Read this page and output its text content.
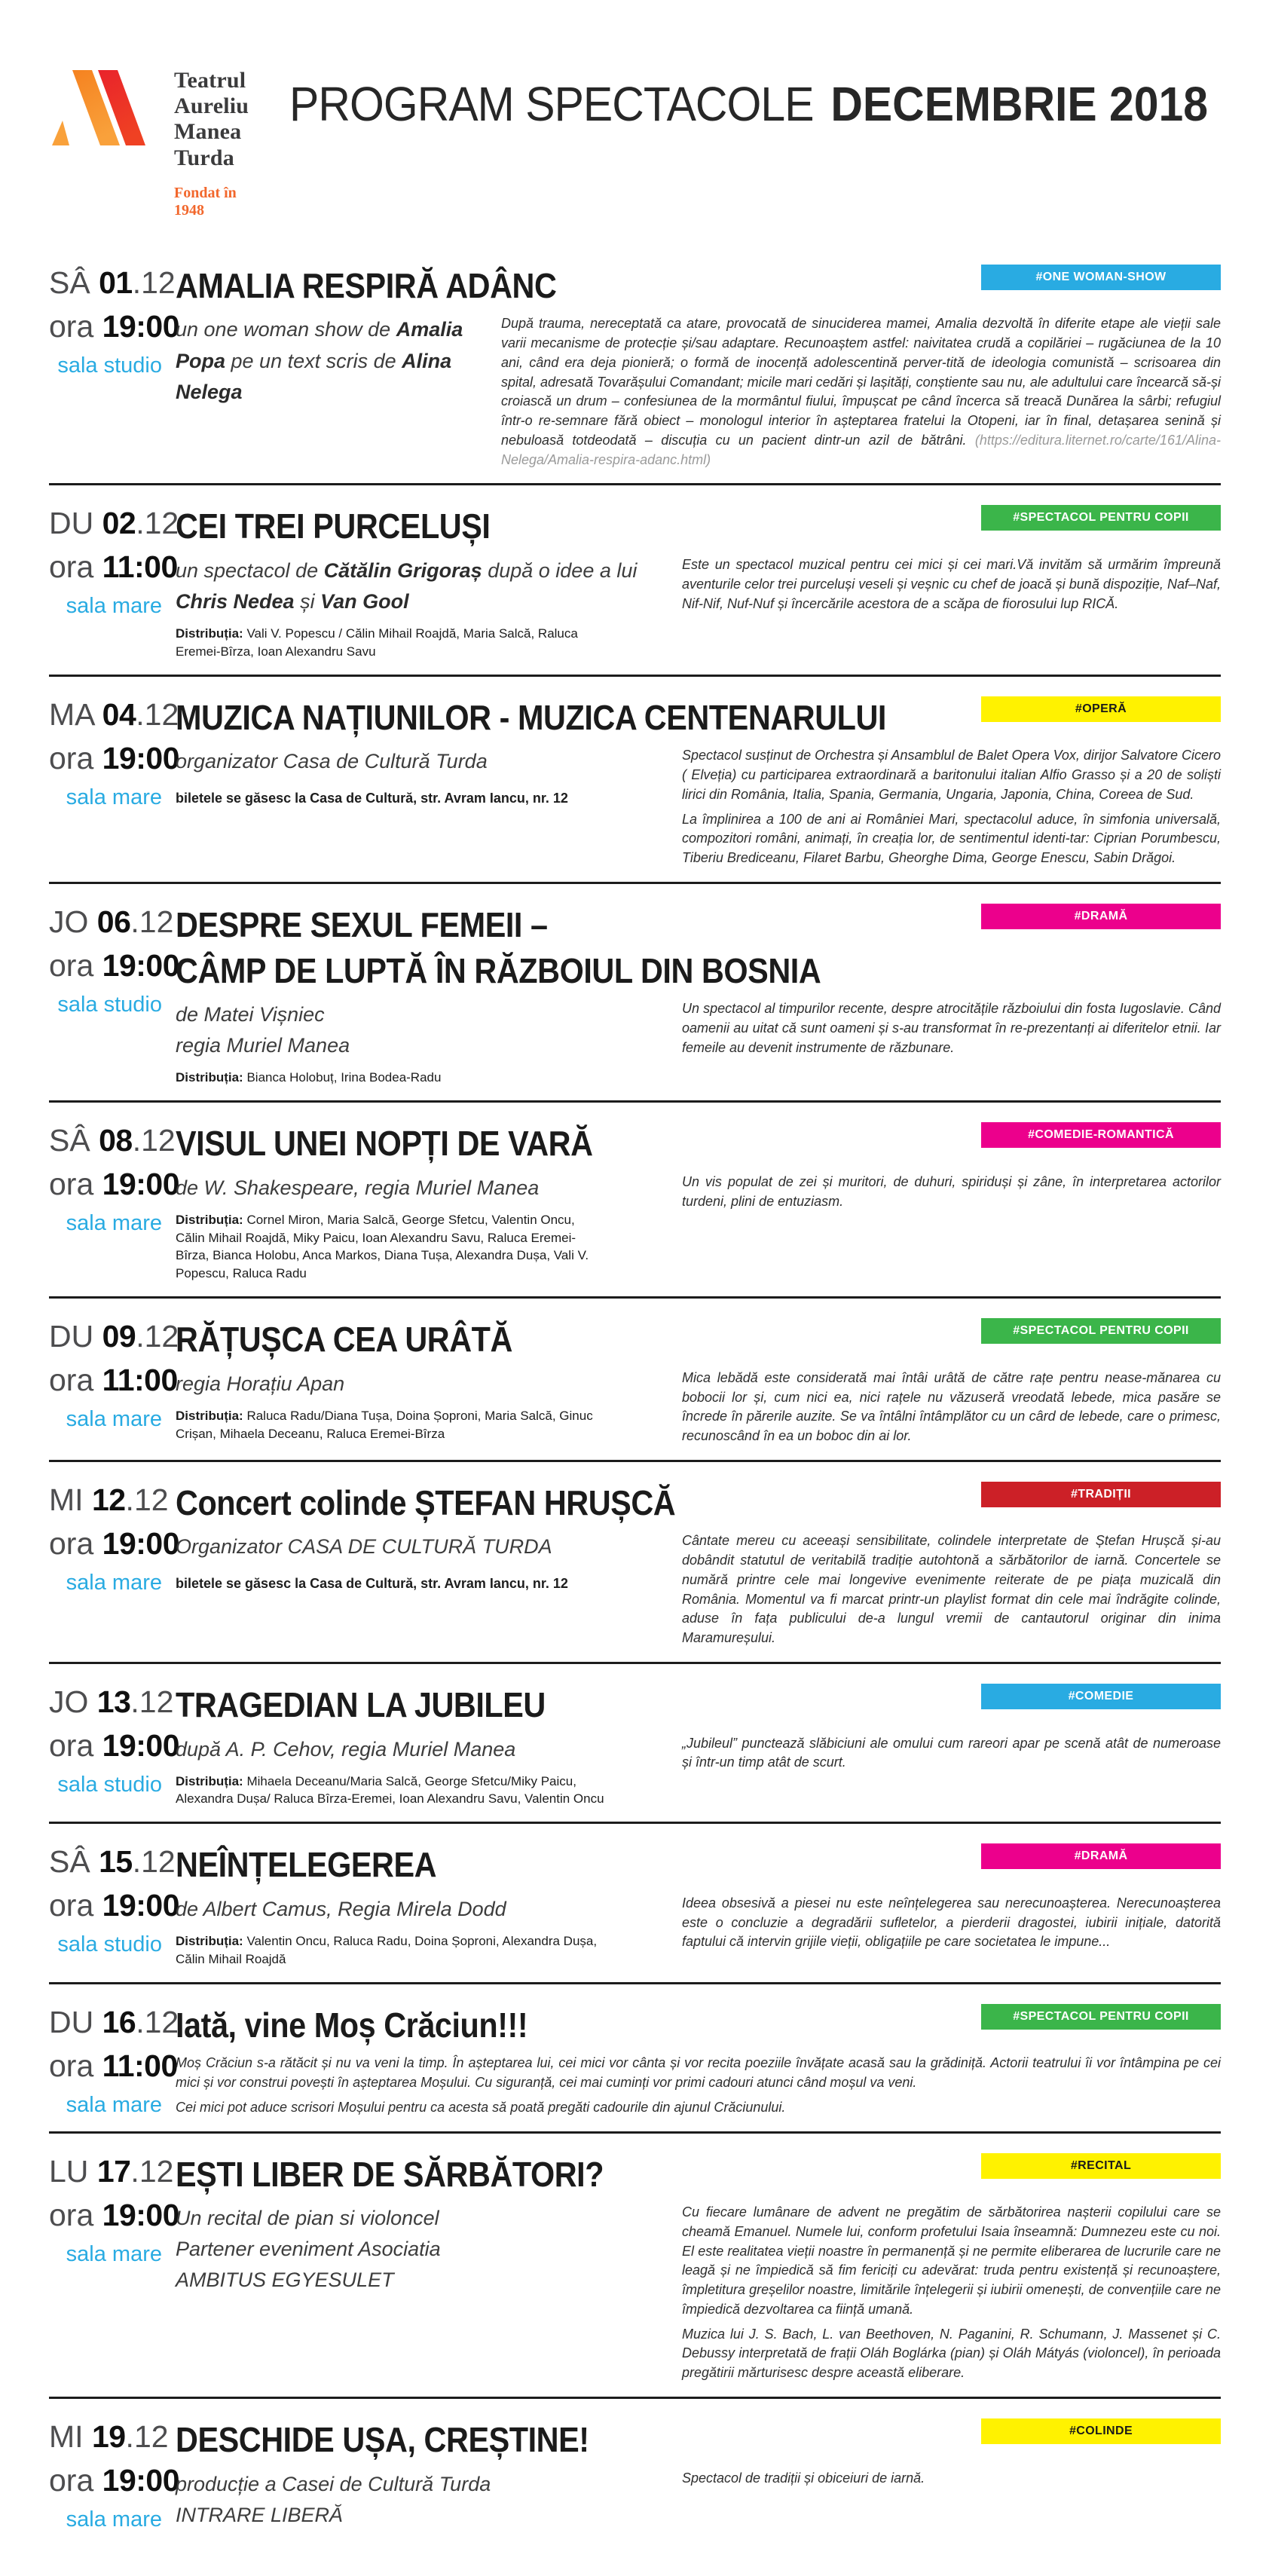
Teatrul Aureliu
Manea Turda
Fondat în 1948
PROGRAM SPECTACOLE DECEMBRIE 2018
SÂ 01.12
ora 19:00
sala studio
AMALIA RESPIRĂ ADÂNC	#ONE WOMAN-SHOW
un one woman show de Amalia Popa pe un text scris de Alina Nelega

După trauma, nereceptată ca atare, provocată de sinuciderea mamei, Amalia dezvoltă în diferite etape ale vieții sale varii mecanisme de protecție și/sau adaptare. Recunoaștem astfel: naivitatea crudă a copilăriei – rugăciunea de la 10 ani, când era deja pionieră; o formă de inocență adolescentină perver-tită de ideologia comunistă – scrisoarea din spital, adresată Tovarășului Comandant; micile mari cedări și lașități, conștiente sau nu, ale adultului care încearcă să-și croiască un drum – confesiunea de la mormântul fiului, împușcat pe când încerca să treacă Dunărea la sârbi; refugiul într-o re-semnare fără obiect – monologul interior în așteptarea fratelui la Otopeni, iar în final, detașarea senină și nebuloasă totdeodată – discuția cu un pacient dintr-un azil de bătrâni. (https://editura.liternet.ro/carte/161/Alina-Nelega/Amalia-respira-adanc.html)

DU 02.12
ora 11:00
sala mare
CEI TREI PURCELUȘI	#SPECTACOL PENTRU COPII
un spectacol de Cătălin Grigoraș după o idee a lui Chris Nedea și Van Gool
Distribuția: Vali V. Popescu / Călin Mihail Roajdă, Maria Salcă, Raluca Eremei-Bîrza, Ioan Alexandru Savu

Este un spectacol muzical pentru cei mici și cei mari.Vă invităm să urmărim împreună aventurile celor trei purceluși veseli și veșnic cu chef de joacă și bună dispoziție, Naf–Naf, Nif-Nif, Nuf-Nuf și încercările acestora de a scăpa de fiorosului lup RICĂ.

MA 04.12
ora 19:00
sala mare
MUZICA NAȚIUNILOR - MUZICA CENTENARULUI	#OPERĂ
organizator Casa de Cultură Turda
biletele se găsesc la Casa de Cultură, str. Avram Iancu, nr. 12

Spectacol susținut de Orchestra și Ansamblul de Balet Opera Vox, dirijor Salvatore Cicero ( Elveția) cu participarea extraordinară a baritonului italian Alfio Grasso și a 20 de soliști lirici din România, Italia, Spania, Germania, Ungaria, Japonia, China, Coreea de Sud.

La împlinirea a 100 de ani ai României Mari, spectacolul aduce, în simfonia universală, compozitori români, animați, în creația lor, de sentimentul identi-tar: Ciprian Porumbescu, Tiberiu Brediceanu, Filaret Barbu, Gheorghe Dima, George Enescu, Sabin Drăgoi.

JO 06.12
ora 19:00
sala studio
DESPRE SEXUL FEMEII –
CÂMP DE LUPTĂ ÎN RĂZBOIUL DIN BOSNIA
#DRAMĂ
de Matei Vișniec
regia Muriel Manea
Distribuția: Bianca Holobuț, Irina Bodea-Radu

Un spectacol al timpurilor recente, despre atrocitățile războiului din fosta Iugoslavie. Când oamenii au uitat că sunt oameni și s-au transformat în re-prezentanți ai diferitelor etnii. Iar femeile au devenit instrumente de răzbunare.

SÂ 08.12
ora 19:00
sala mare
VISUL UNEI NOPȚI DE VARĂ	#COMEDIE-ROMANTICĂ
de W. Shakespeare, regia Muriel Manea
Distribuția: Cornel Miron, Maria Salcă, George Sfetcu, Valentin Oncu, Călin Mihail Roajdă, Miky Paicu, Ioan Alexandru Savu, Raluca Eremei-Bîrza, Bianca Holobu, Anca Markos, Diana Tușa, Alexandra Dușa, Vali V. Popescu, Raluca Radu

Un vis populat de zei și muritori, de duhuri, spiriduși și zâne, în interpretarea actorilor turdeni, plini de entuziasm.

DU 09.12
ora 11:00
sala mare
RĂȚUȘCA CEA URÂTĂ	#SPECTACOL PENTRU COPII
regia Horațiu Apan
Distribuția: Raluca Radu/Diana Tușa, Doina Șoproni, Maria Salcă, Ginuc Crișan, Mihaela Deceanu, Raluca Eremei-Bîrza

Mica lebădă este considerată mai întâi urâtă de către rațe pentru nease-mănarea cu bobocii lor și, cum nici ea, nici rațele nu văzuseră vreodată lebede, mica pasăre se încrede în părerile auzite. Se va întâlni întâmplător cu un cârd de lebede, care o primesc, recunoscând în ea un boboc din ai lor.

MI 12.12
ora 19:00
sala mare
Concert colinde ȘTEFAN HRUȘCĂ	#TRADIȚII
Organizator CASA DE CULTURĂ TURDA
biletele se găsesc la Casa de Cultură, str. Avram Iancu, nr. 12

Cântate mereu cu aceeași sensibilitate, colindele interpretate de Ștefan Hrușcă și-au dobândit statutul de veritabilă tradiție autohtonă a sărbătorilor de iarnă. Concertele se numără printre cele mai longevive evenimente reiterate de pe piața muzicală din România. Momentul va fi marcat printr-un playlist format din cele mai îndrăgite colinde, aduse în fața publicului de-a lungul vremii de cantautorul originar din inima Maramureșului.

JO 13.12
ora 19:00
sala studio
TRAGEDIAN LA JUBILEU	#COMEDIE
după A. P. Cehov, regia Muriel Manea
Distribuția: Mihaela Deceanu/Maria Salcă, George Sfetcu/Miky Paicu, Alexandra Dușa/ Raluca Bîrza-Eremei, Ioan Alexandru Savu, Valentin Oncu

„Jubileul” punctează slăbiciuni ale omului cum rareori apar pe scenă atât de numeroase și într-un timp atât de scurt.

SÂ 15.12
ora 19:00
sala studio
NEÎNȚELEGEREA	#DRAMĂ
de Albert Camus, Regia Mirela Dodd
Distribuția: Valentin Oncu, Raluca Radu, Doina Șoproni, Alexandra Dușa, Călin Mihail Roajdă

Ideea obsesivă a piesei nu este neînțelegerea sau nerecunoașterea. Nerecunoașterea este o concluzie a degradării sufletelor, a pierderii dragostei, iubirii inițiale, datorită faptului că intervin grijile vieții, obligațiile pe care societatea le impune...

DU 16.12
ora 11:00
sala mare
Iată, vine Moș Crăciun!!!	#SPECTACOL PENTRU COPII

Moș Crăciun s-a rătăcit și nu va veni la timp. În așteptarea lui, cei mici vor cânta și vor recita poeziile învățate acasă sau la grădiniță. Actorii teatrului îi vor întâmpina pe cei mici și vor construi povești în așteptarea Moșului. Cu siguranță, cei mai cuminți vor primi cadouri atunci când moșul va veni.

Cei mici pot aduce scrisori Moșului pentru ca acesta să poată pregăti cadourile din ajunul Crăciunului.

LU 17.12
ora 19:00
sala mare
EȘTI LIBER DE SĂRBĂTORI?	#RECITAL
Un recital de pian si violoncel
Partener eveniment Asociatia
AMBITUS EGYESULET

Cu fiecare lumânare de advent ne pregătim de sărbătorirea nașterii copilului care se cheamă Emanuel. Numele lui, conform profetului Isaia înseamnă: Dumnezeu este cu noi. El este realitatea vieții noastre în permanență și ne permite eliberarea de lucrurile care ne leagă și ne împiedică să fim fericiți cu adevărat: truda pentru existență și recunoaștere, împletitura greșelilor noastre, limitările înțelegerii și iubirii omenești, de convențiile care ne împiedică dezvoltarea ca ființă umană.

Muzica lui J. S. Bach, L. van Beethoven, N. Paganini, R. Schumann, J. Massenet și C. Debussy interpretată de frații Oláh Boglárka (pian) și Oláh Mátyás (violoncel), în perioada pregătirii mărturisesc despre această eliberare.

MI 19.12
ora 19:00
sala mare
DESCHIDE UȘA, CREȘTINE!	#COLINDE
producție a Casei de Cultură Turda
INTRARE LIBERĂ

Spectacol de tradiții și obiceiuri de iarnă.
